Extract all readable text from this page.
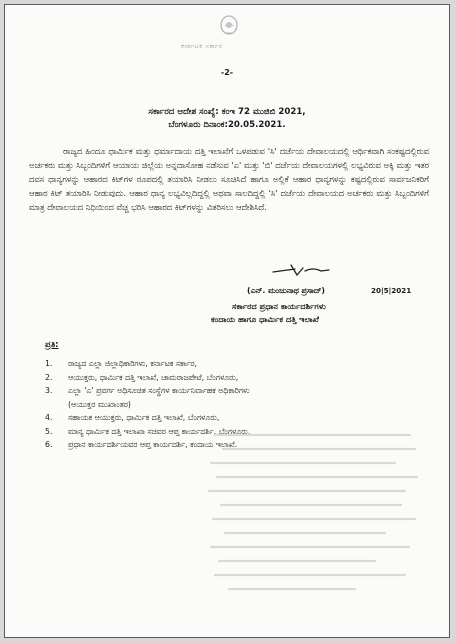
ಕರ್ನಾಟಕ ಸರ್ಕಾರ
-2-
ಸರ್ಕಾರದ ಆದೇಶ ಸಂಖ್ಯೆ: ಕಂಇ 72 ಮುಜಿಬಿ 2021,
ಬೆಂಗಳೂರು ದಿನಾಂಕ:20.05.2021.
ರಾಜ್ಯದ ಹಿಂದೂ ಧಾರ್ಮಿಕ ಮತ್ತು ಧರ್ಮಾದಾಯ ದತ್ತಿ ಇಲಾಖೆಗೆ ಒಳಪಡುವ 'ಸಿ' ದರ್ಜೆಯ ದೇವಾಲಯದಲ್ಲಿ ಆರ್ಥಿಕವಾಗಿ ಸಂಕಷ್ಟದಲ್ಲಿರುವ ಅರ್ಚಕರು ಮತ್ತು ಸಿಬ್ಬಂದಿಗಳಿಗೆ ಆಯಾಯ ಜಿಲ್ಲೆಯ ಅನ್ನದಾಸೋಹ ನಡೆಸುವ 'ಎ' ಮತ್ತು 'ಬಿ' ದರ್ಜೆಯ ದೇವಾಲಯಗಳಲ್ಲಿ ಲಭ್ಯವಿರುವ ಅಕ್ಕಿ ಮತ್ತು ಇತರ ದವಸ ಧಾನ್ಯಗಳನ್ನು ಆಹಾರದ ಕಿಟ್‌ಗಳ ರೂಪದಲ್ಲಿ ತಯಾರಿಸಿ ನೀಡಲು ಸೂಚಿಸಿದೆ ಹಾಗೂ ಅಲ್ಲಿಕೆ ಆಹಾರ ಧಾನ್ಯಗಳನ್ನು ಕಷ್ಟದಲ್ಲಿರುವ ಸಾರ್ವಜನಿಕರಿಗೆ ಆಹಾರ ಕಿಟ್ ತಯಾರಿಸಿ ನೀಡುವುದು. ಆಹಾರ ಧಾನ್ಯ ಲಭ್ಯವಿಲ್ಲದಿದ್ದಲ್ಲಿ ಅಥವಾ ಸಾಲದಿದ್ದಲ್ಲಿ 'ಸಿ' ದರ್ಜೆಯ ದೇವಾಲಯದ ಅರ್ಚಕರು ಮತ್ತು ಸಿಬ್ಬಂದಿಗಳಿಗೆ ಮಾತ್ರ ದೇವಾಲಯದ ನಿಧಿಯಿಂದ ವೆಚ್ಚ ಭರಿಸಿ ಆಹಾರದ ಕಿಟ್‌ಗಳನ್ನು ವಿತರಿಸಲು ಆದೇಶಿಸಿದೆ.
20|5|2021
(ಎನ್. ಮಂಜುನಾಥ ಪ್ರಸಾದ್)
ಸರ್ಕಾರದ ಪ್ರಧಾನ ಕಾರ್ಯದರ್ಶಿಗಳು
ಕಂದಾಯ ಹಾಗೂ ಧಾರ್ಮಿಕ ದತ್ತಿ ಇಲಾಖೆ
ಪ್ರತಿ:
1.	ರಾಜ್ಯದ ಎಲ್ಲಾ ಜಿಲ್ಲಾಧಿಕಾರಿಗಳು, ಕರ್ನಾಟಕ ಸರ್ಕಾರ,
2.	ಆಯುಕ್ತರು, ಧಾರ್ಮಿಕ ದತ್ತಿ ಇಲಾಖೆ, ಚಾಮರಾಜಪೇಟೆ, ಬೆಂಗಳೂರು,
3.	ಎಲ್ಲಾ 'ಎ' ಪ್ರವರ್ಗ ಅಧಿಸೂಚಿತ ಸಂಸ್ಥೆಗಳ ಕಾರ್ಯನಿರ್ವಾಹಕ ಅಧಿಕಾರಿಗಳು
(ಆಯುಕ್ತರ ಮುಖಾಂತರ)
4.	ಸಹಾಯಕ ಆಯುಕ್ತರು, ಧಾರ್ಮಿಕ ದತ್ತಿ ಇಲಾಖೆ, ಬೆಂಗಳೂರು,
5.	ಮಾನ್ಯ ಧಾರ್ಮಿಕ ದತ್ತಿ ಇಲಾಖಾ ಸಚಿವರ ಆಪ್ತ ಕಾರ್ಯದರ್ಶಿ, ಬೆಂಗಳೂರು,
6.	ಪ್ರಧಾನ ಕಾರ್ಯದರ್ಶಿಯವರ ಆಪ್ತ ಕಾರ್ಯದರ್ಶಿ, ಕಂದಾಯ ಇಲಾಖೆ.
